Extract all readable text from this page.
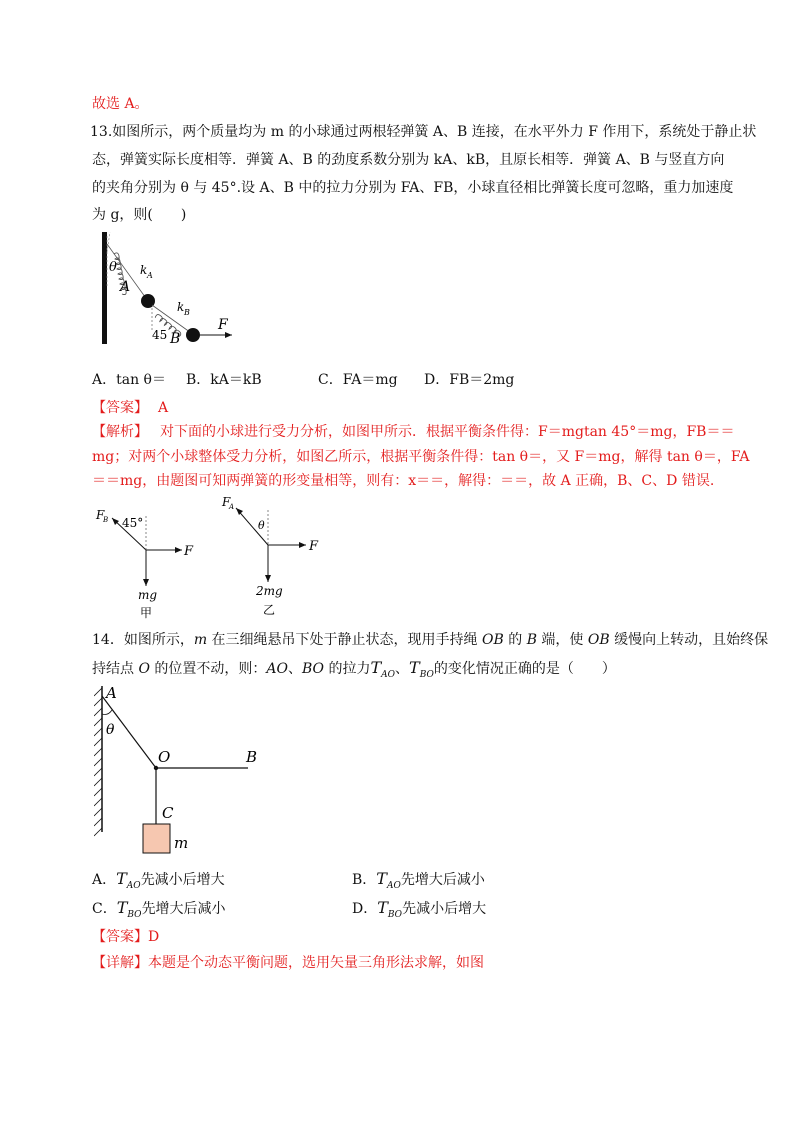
故选 A。
13.如图所示，两个质量均为 m 的小球通过两根轻弹簧 A、B 连接，在水平外力 F 作用下，系统处于静止状
态，弹簧实际长度相等．弹簧 A、B 的劲度系数分别为 kA、kB，且原长相等．弹簧 A、B 与竖直方向
的夹角分别为 θ 与 45°.设 A、B 中的拉力分别为 FA、FB，小球直径相比弹簧长度可忽略，重力加速度
为 g，则(　　)
θ k A
A
k B
45 B
F
A．tan θ＝ B．kA＝kB	C．FA＝mg D．FB＝2mg
【答案】 A
【解析】 对下面的小球进行受力分析，如图甲所示．根据平衡条件得：F＝mgtan 45°＝mg，FB＝＝
mg；对两个小球整体受力分析，如图乙所示，根据平衡条件得：tan θ＝，又 F＝mg，解得 tan θ＝，FA
＝＝mg，由题图可知两弹簧的形变量相等，则有：x＝＝，解得：＝＝，故 A 正确，B、C、D 错误.
F
B 45°
F
mg
甲
F
A
θ
F
2mg
乙
14．如图所示，m 在三细绳悬吊下处于静止状态，现用手持绳 OB 的 B 端，使 OB 缓慢向上转动，且始终保
持结点 O 的位置不动，则：AO、BO 的拉力$T_{AO}$、$T_{BO}$的变化情况正确的是（　　）
A
θ
O	B
C
m
A．$T_{AO}$先减小后增大	B．$T_{AO}$先增大后减小
C．$T_{BO}$先增大后减小	D．$T_{BO}$先减小后增大
【答案】D
【详解】本题是个动态平衡问题，选用矢量三角形法求解，如图
